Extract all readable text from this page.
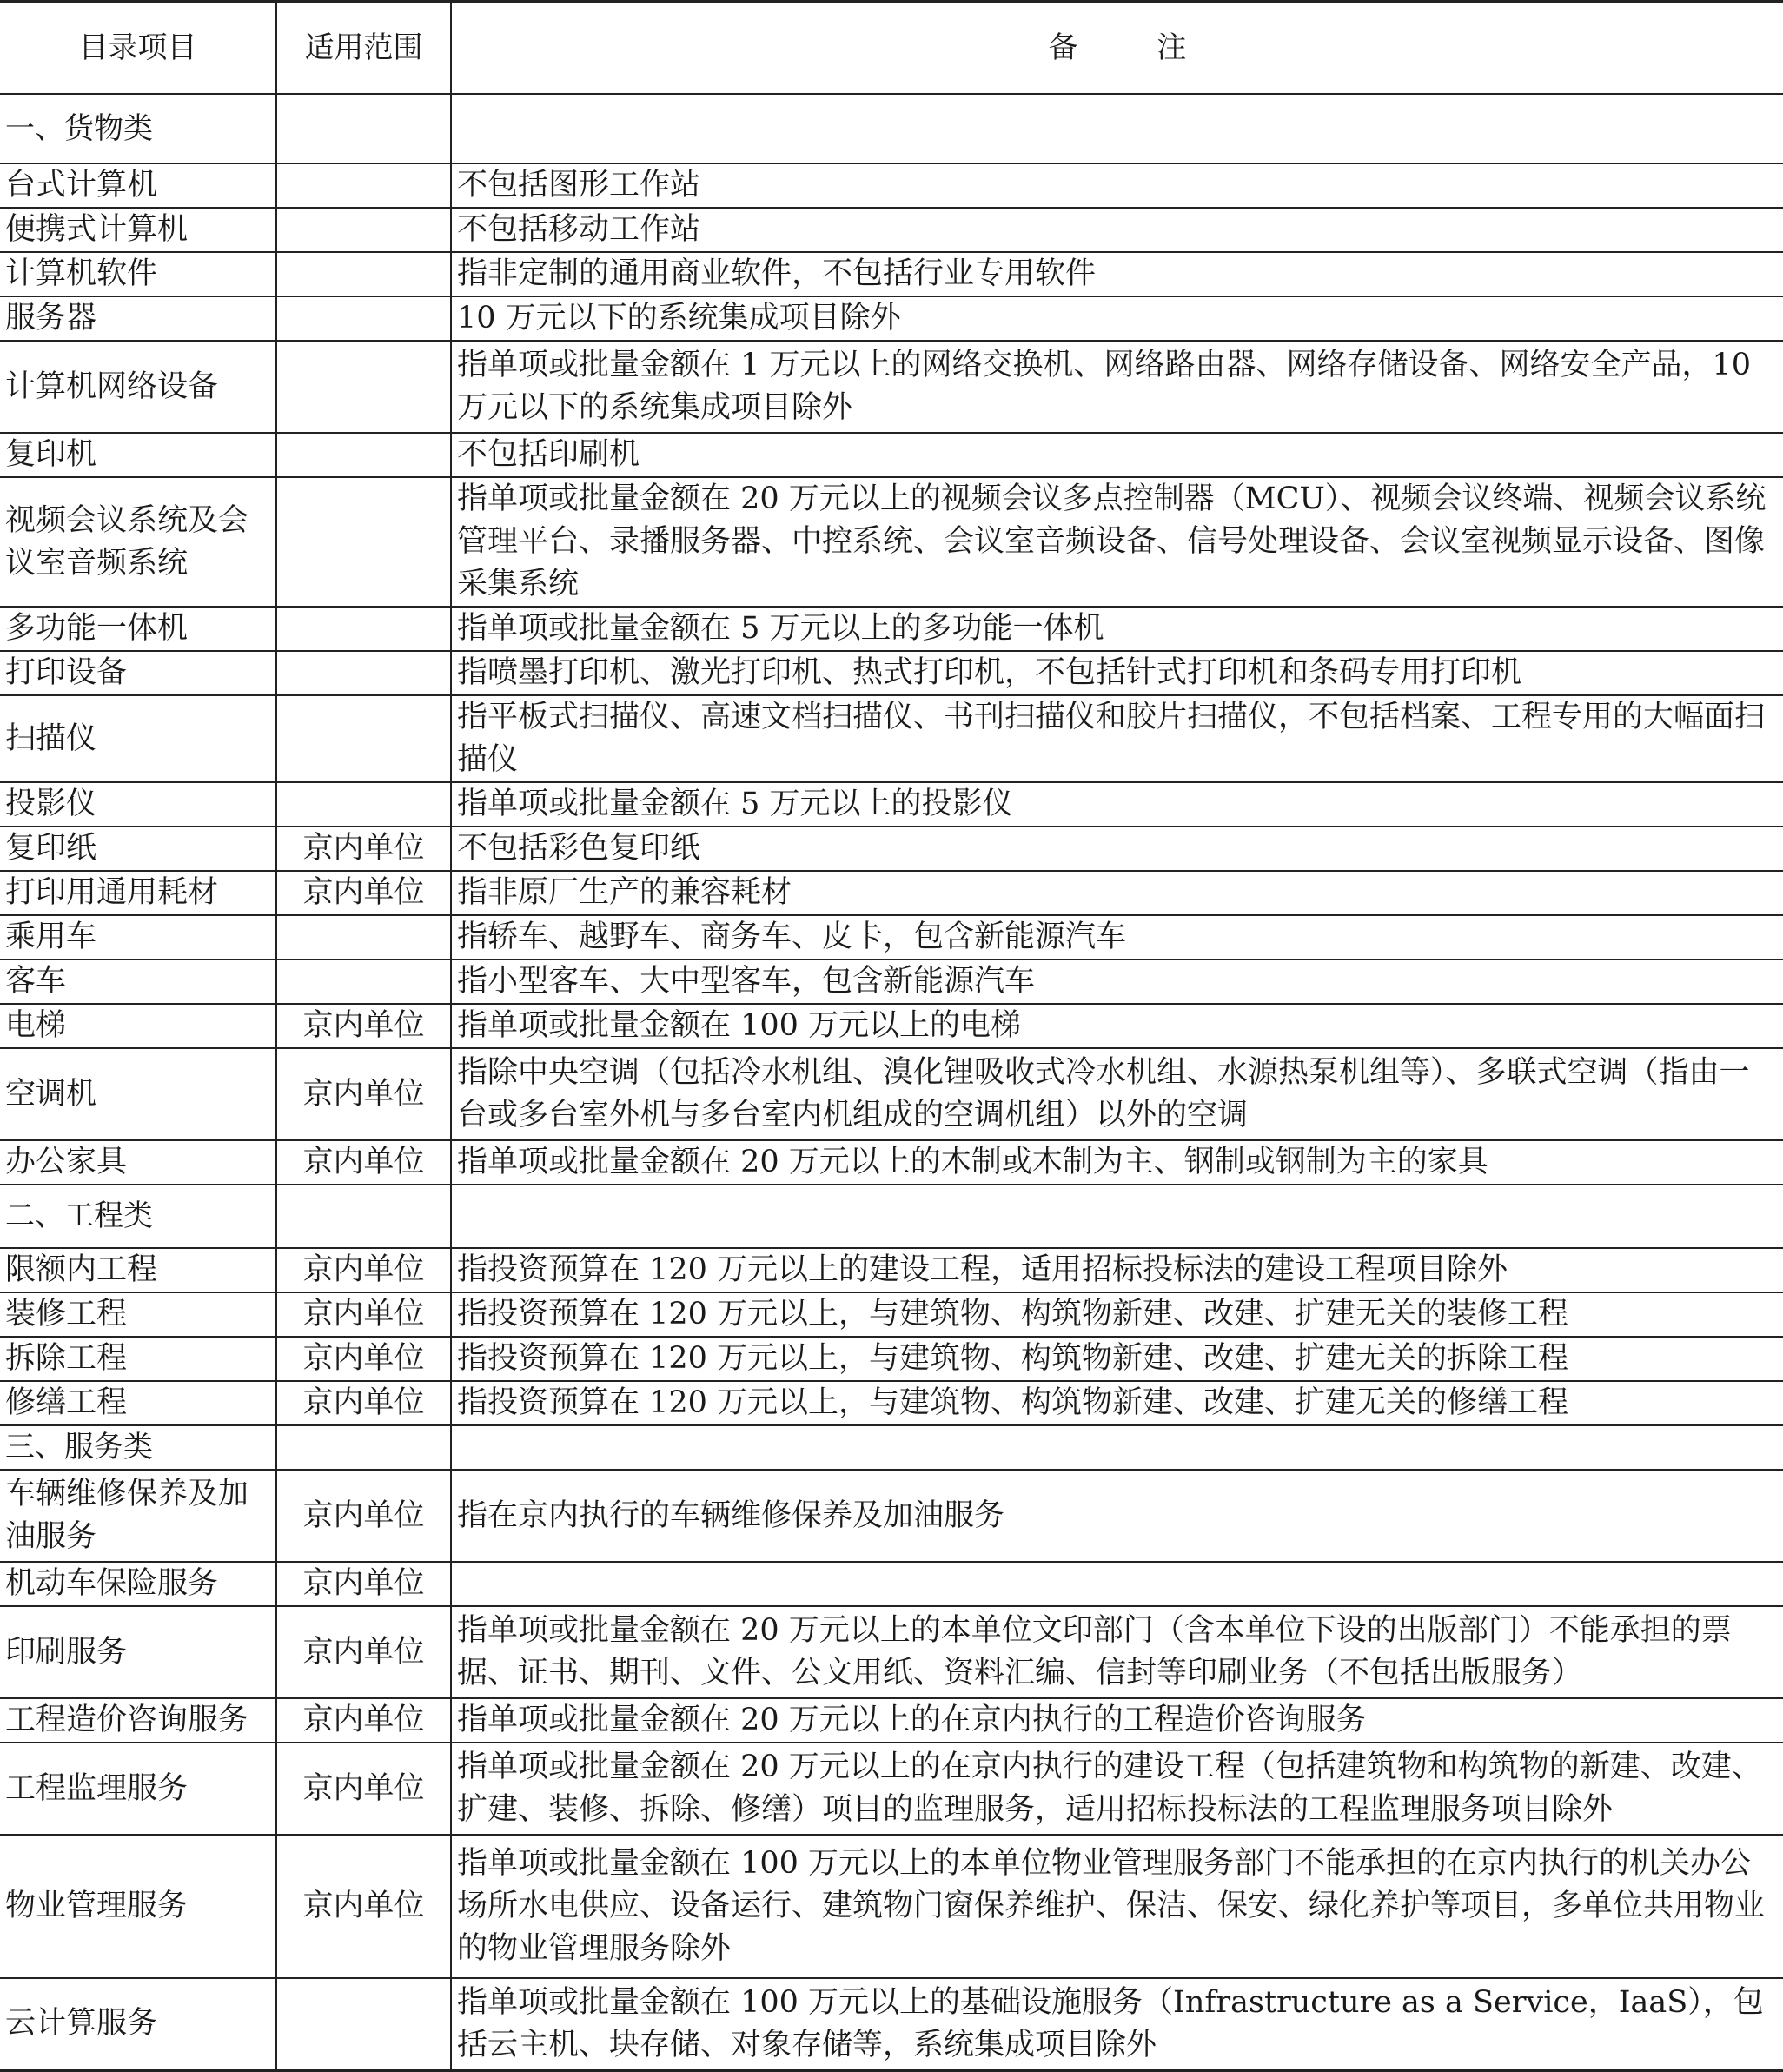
目录项目	适用范围	备 注
一、货物类		
台式计算机		不包括图形工作站
便携式计算机		不包括移动工作站
计算机软件		指非定制的通用商业软件，不包括行业专用软件
服务器		10 万元以下的系统集成项目除外
计算机网络设备		指单项或批量金额在 1 万元以上的网络交换机、网络路由器、网络存储设备、网络安全产品，10 万元以下的系统集成项目除外
复印机		不包括印刷机
视频会议系统及会议室音频系统		指单项或批量金额在 20 万元以上的视频会议多点控制器（MCU）、视频会议终端、视频会议系统管理平台、录播服务器、中控系统、会议室音频设备、信号处理设备、会议室视频显示设备、图像采集系统
多功能一体机		指单项或批量金额在 5 万元以上的多功能一体机
打印设备		指喷墨打印机、激光打印机、热式打印机，不包括针式打印机和条码专用打印机
扫描仪		指平板式扫描仪、高速文档扫描仪、书刊扫描仪和胶片扫描仪，不包括档案、工程专用的大幅面扫描仪
投影仪		指单项或批量金额在 5 万元以上的投影仪
复印纸	京内单位	不包括彩色复印纸
打印用通用耗材	京内单位	指非原厂生产的兼容耗材
乘用车		指轿车、越野车、商务车、皮卡，包含新能源汽车
客车		指小型客车、大中型客车，包含新能源汽车
电梯	京内单位	指单项或批量金额在 100 万元以上的电梯
空调机	京内单位	指除中央空调（包括冷水机组、溴化锂吸收式冷水机组、水源热泵机组等）、多联式空调（指由一台或多台室外机与多台室内机组成的空调机组）以外的空调
办公家具	京内单位	指单项或批量金额在 20 万元以上的木制或木制为主、钢制或钢制为主的家具
二、工程类		
限额内工程	京内单位	指投资预算在 120 万元以上的建设工程，适用招标投标法的建设工程项目除外
装修工程	京内单位	指投资预算在 120 万元以上，与建筑物、构筑物新建、改建、扩建无关的装修工程
拆除工程	京内单位	指投资预算在 120 万元以上，与建筑物、构筑物新建、改建、扩建无关的拆除工程
修缮工程	京内单位	指投资预算在 120 万元以上，与建筑物、构筑物新建、改建、扩建无关的修缮工程
三、服务类		
车辆维修保养及加油服务	京内单位	指在京内执行的车辆维修保养及加油服务
机动车保险服务	京内单位	
印刷服务	京内单位	指单项或批量金额在 20 万元以上的本单位文印部门（含本单位下设的出版部门）不能承担的票据、证书、期刊、文件、公文用纸、资料汇编、信封等印刷业务（不包括出版服务）
工程造价咨询服务	京内单位	指单项或批量金额在 20 万元以上的在京内执行的工程造价咨询服务
工程监理服务	京内单位	指单项或批量金额在 20 万元以上的在京内执行的建设工程（包括建筑物和构筑物的新建、改建、扩建、装修、拆除、修缮）项目的监理服务，适用招标投标法的工程监理服务项目除外
物业管理服务	京内单位	指单项或批量金额在 100 万元以上的本单位物业管理服务部门不能承担的在京内执行的机关办公场所水电供应、设备运行、建筑物门窗保养维护、保洁、保安、绿化养护等项目，多单位共用物业的物业管理服务除外
云计算服务		指单项或批量金额在 100 万元以上的基础设施服务（Infrastructure as a Service，IaaS），包括云主机、块存储、对象存储等，系统集成项目除外
